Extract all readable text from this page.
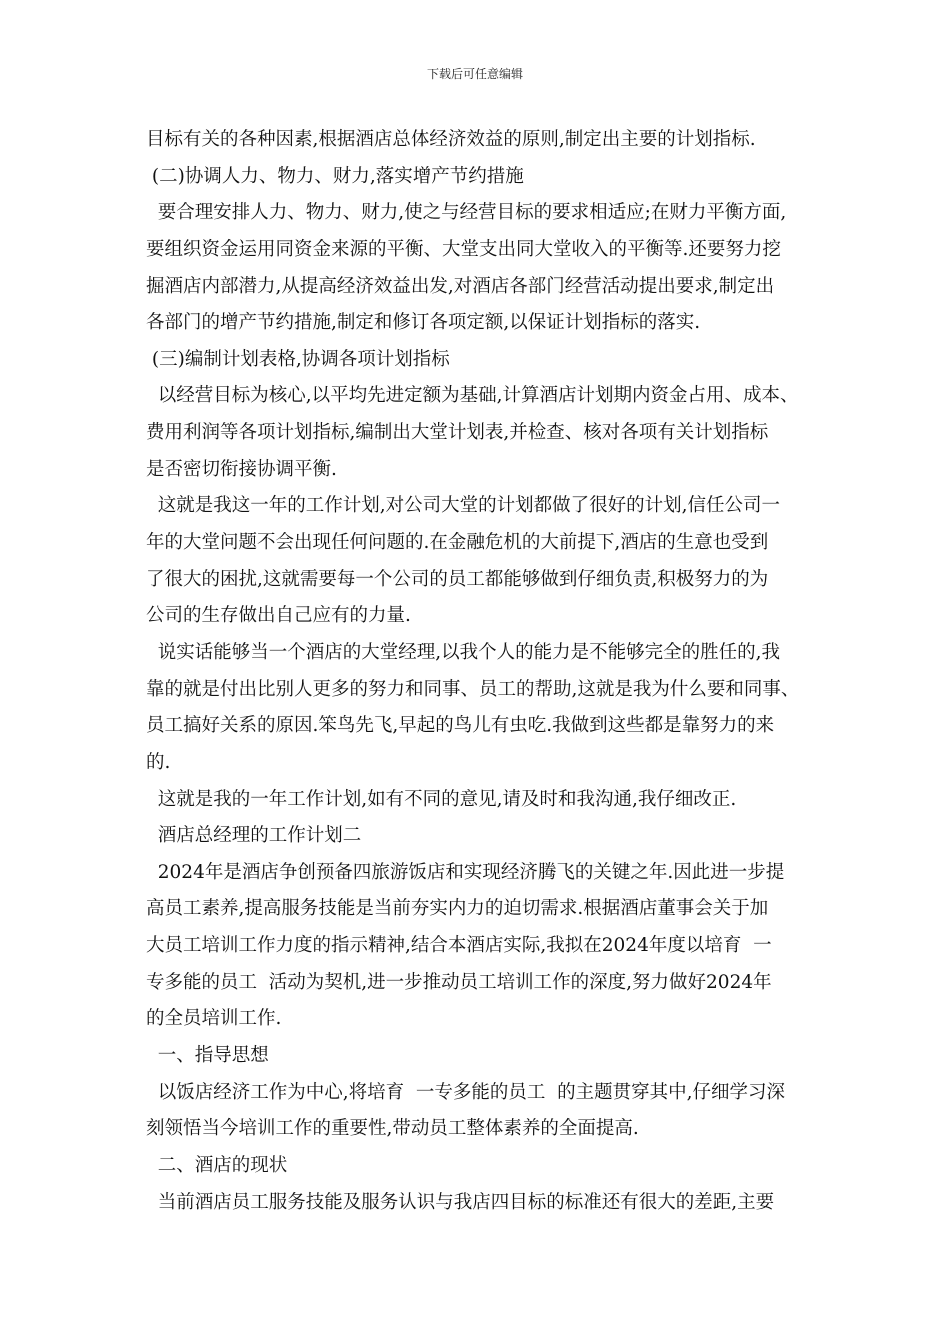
下载后可任意编辑
目标有关的各种因素,根据酒店总体经济效益的原则,制定出主要的计划指标.
(二)协调人力、物力、财力,落实增产节约措施
要合理安排人力、物力、财力,使之与经营目标的要求相适应;在财力平衡方面,
要组织资金运用同资金来源的平衡、大堂支出同大堂收入的平衡等.还要努力挖
掘酒店内部潜力,从提高经济效益出发,对酒店各部门经营活动提出要求,制定出
各部门的增产节约措施,制定和修订各项定额,以保证计划指标的落实.
(三)编制计划表格,协调各项计划指标
以经营目标为核心,以平均先进定额为基础,计算酒店计划期内资金占用、成本、
费用利润等各项计划指标,编制出大堂计划表,并检查、核对各项有关计划指标
是否密切衔接协调平衡.
这就是我这一年的工作计划,对公司大堂的计划都做了很好的计划,信任公司一
年的大堂问题不会出现任何问题的.在金融危机的大前提下,酒店的生意也受到
了很大的困扰,这就需要每一个公司的员工都能够做到仔细负责,积极努力的为
公司的生存做出自己应有的力量.
说实话能够当一个酒店的大堂经理,以我个人的能力是不能够完全的胜任的,我
靠的就是付出比别人更多的努力和同事、员工的帮助,这就是我为什么要和同事、
员工搞好关系的原因.笨鸟先飞,早起的鸟儿有虫吃.我做到这些都是靠努力的来
的.
这就是我的一年工作计划,如有不同的意见,请及时和我沟通,我仔细改正.
酒店总经理的工作计划二
2024年是酒店争创预备四旅游饭店和实现经济腾飞的关键之年.因此进一步提
高员工素养,提高服务技能是当前夯实内力的迫切需求.根据酒店董事会关于加
大员工培训工作力度的指示精神,结合本酒店实际,我拟在2024年度以培育  一
专多能的员工  活动为契机,进一步推动员工培训工作的深度,努力做好2024年
的全员培训工作.
一、指导思想
以饭店经济工作为中心,将培育  一专多能的员工  的主题贯穿其中,仔细学习深
刻领悟当今培训工作的重要性,带动员工整体素养的全面提高.
二、酒店的现状
当前酒店员工服务技能及服务认识与我店四目标的标准还有很大的差距,主要
